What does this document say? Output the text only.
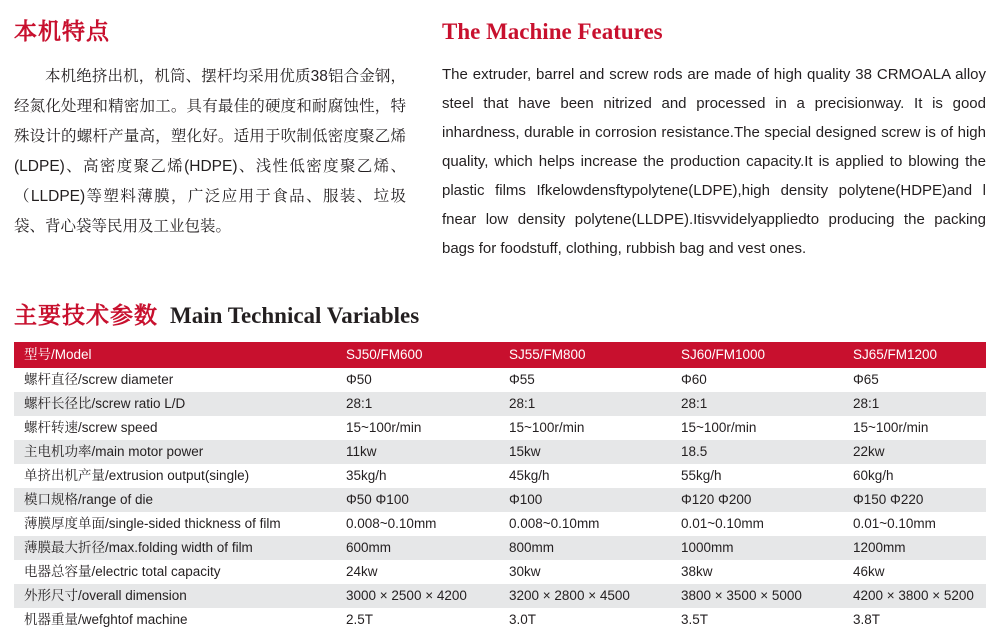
本机特点

本机绝挤出机，机筒、摆杆均采用优质38铝合金钢，经氮化处理和精密加工。具有最佳的硬度和耐腐蚀性，特殊设计的螺杆产量高，塑化好。适用于吹制低密度聚乙烯(LDPE)、高密度聚乙烯(HDPE)、浅性低密度聚乙烯、（LLDPE)等塑料薄膜，广泛应用于食品、服装、垃圾袋、背心袋等民用及工业包装。

The Machine Features

The extruder, barrel and screw rods are made of high quality 38 CRMOALA alloy steel that have been nitrized and processed in a precisionway. It is good inhardness, durable in corrosion resistance.The special designed screw is of high quality, which helps increase the production capacity.It is applied to blowing the plastic films Ifkelowdensftypolytene(LDPE),high density polytene(HDPE)and l fnear low density polytene(LLDPE).Itisvvidelyappliedto producing the packing bags for foodstuff, clothing, rubbish bag and vest ones.

主要技术参数 Main Technical Variables
型号/Model	SJ50/FM600	SJ55/FM800	SJ60/FM1000	SJ65/FM1200
螺杆直径/screw diameter	Φ50	Φ55	Φ60	Φ65
螺杆长径比/screw ratio L/D	28:1	28:1	28:1	28:1
螺杆转速/screw speed	15~100r/min	15~100r/min	15~100r/min	15~100r/min
主电机功率/main motor power	11kw	15kw	18.5	22kw
单挤出机产量/extrusion output(single)	35kg/h	45kg/h	55kg/h	60kg/h
模口规格/range of die	Φ50 Φ100	Φ100	Φ120 Φ200	Φ150 Φ220
薄膜厚度单面/single-sided thickness of film	0.008~0.10mm	0.008~0.10mm	0.01~0.10mm	0.01~0.10mm
薄膜最大折径/max.folding width of film	600mm	800mm	1000mm	1200mm
电器总容量/electric total capacity	24kw	30kw	38kw	46kw
外形尺寸/overall dimension	3000 × 2500 × 4200	3200 × 2800 × 4500	3800 × 3500 × 5000	4200 × 3800 × 5200
机器重量/wefghtof machine	2.5T	3.0T	3.5T	3.8T
